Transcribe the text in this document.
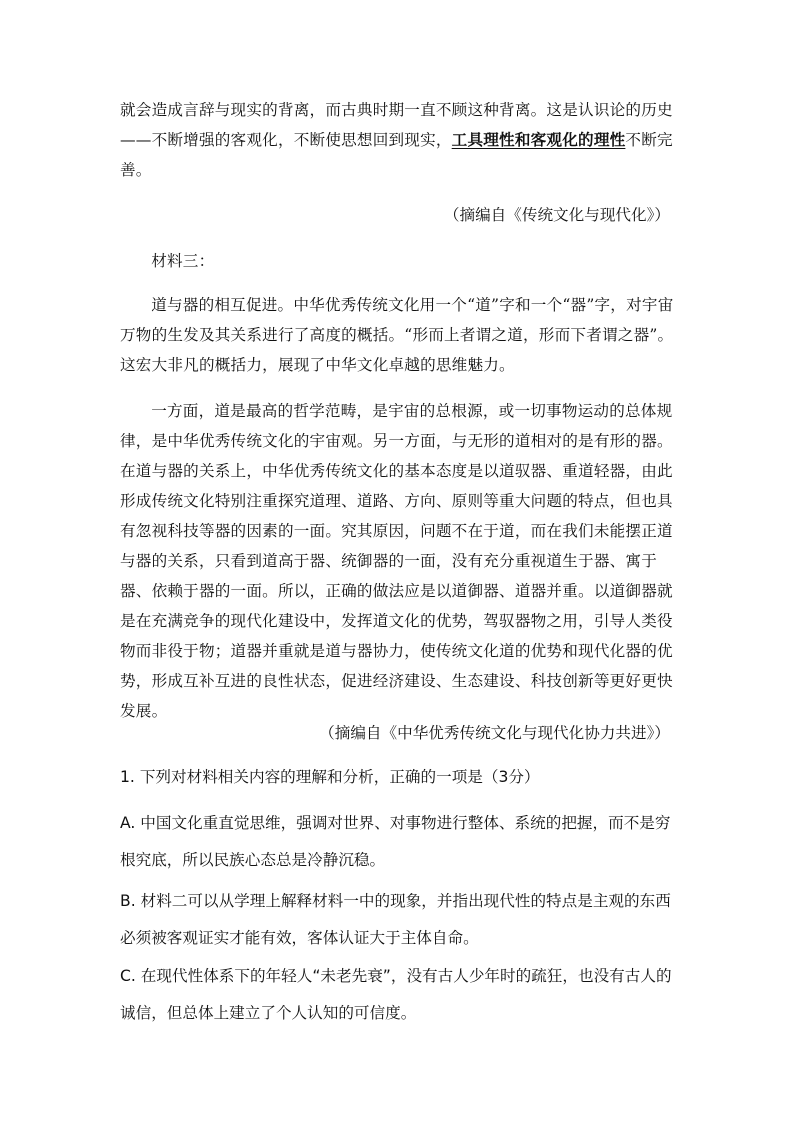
就会造成言辞与现实的背离，而古典时期一直不顾这种背离。这是认识论的历史——不断增强的客观化，不断使思想回到现实，工具理性和客观化的理性不断完善。

（摘编自《传统文化与现代化》）

材料三：

道与器的相互促进。中华优秀传统文化用一个“道”字和一个“器”字，对宇宙万物的生发及其关系进行了高度的概括。“形而上者谓之道，形而下者谓之器”。这宏大非凡的概括力，展现了中华文化卓越的思维魅力。

一方面，道是最高的哲学范畴，是宇宙的总根源，或一切事物运动的总体规律，是中华优秀传统文化的宇宙观。另一方面，与无形的道相对的是有形的器。在道与器的关系上，中华优秀传统文化的基本态度是以道驭器、重道轻器，由此形成传统文化特别注重探究道理、道路、方向、原则等重大问题的特点，但也具有忽视科技等器的因素的一面。究其原因，问题不在于道，而在我们未能摆正道与器的关系，只看到道高于器、统御器的一面，没有充分重视道生于器、寓于器、依赖于器的一面。所以，正确的做法应是以道御器、道器并重。以道御器就是在充满竞争的现代化建设中，发挥道文化的优势，驾驭器物之用，引导人类役物而非役于物；道器并重就是道与器协力，使传统文化道的优势和现代化器的优势，形成互补互进的良性状态，促进经济建设、生态建设、科技创新等更好更快发展。

（摘编自《中华优秀传统文化与现代化协力共进》）

1. 下列对材料相关内容的理解和分析，正确的一项是（3分）

A. 中国文化重直觉思维，强调对世界、对事物进行整体、系统的把握，而不是穷根究底，所以民族心态总是冷静沉稳。

B. 材料二可以从学理上解释材料一中的现象，并指出现代性的特点是主观的东西必须被客观证实才能有效，客体认证大于主体自命。

C. 在现代性体系下的年轻人“未老先衰”，没有古人少年时的疏狂，也没有古人的诚信，但总体上建立了个人认知的可信度。
